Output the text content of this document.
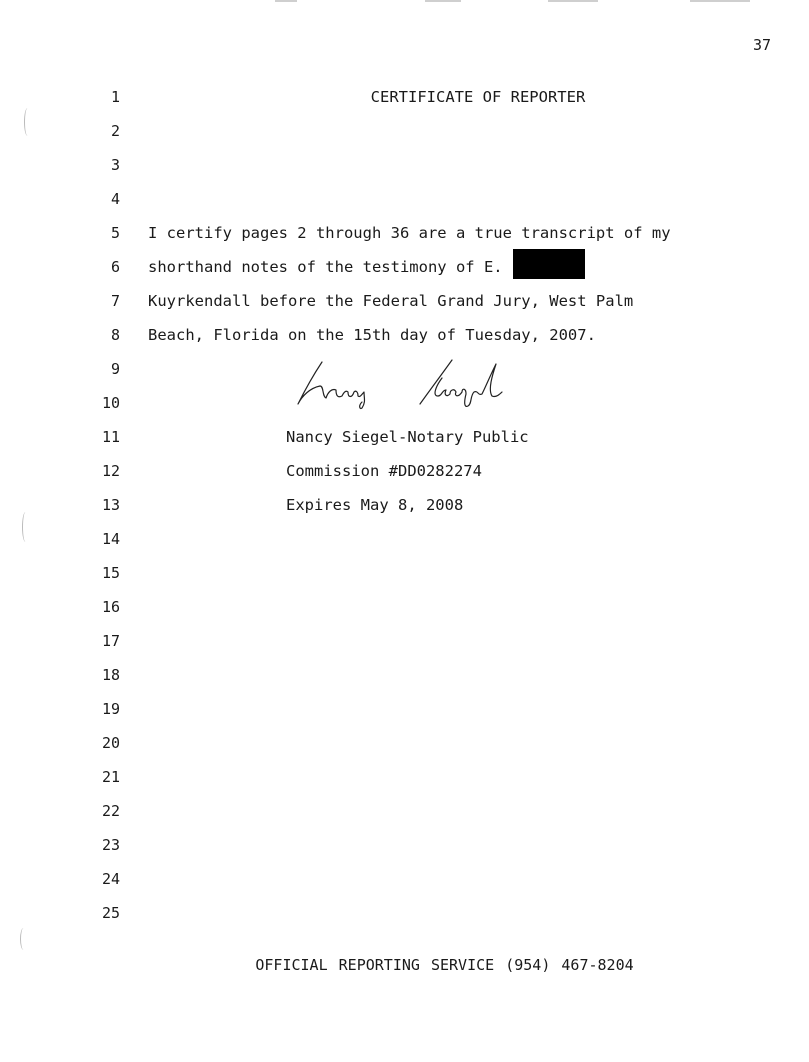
37
1
2
3
4
5
6
7
8
9
10
11
12
13
14
15
16
17
18
19
20
21
22
23
24
25
CERTIFICATE OF REPORTER
I certify pages 2 through 36 are a true transcript of my
shorthand notes of the testimony of E.
Kuyrkendall before the Federal Grand Jury, West Palm
Beach, Florida on the 15th day of Tuesday, 2007.
Nancy Siegel-Notary Public
Commission #DD0282274
Expires May 8, 2008
OFFICIAL REPORTING SERVICE (954) 467-8204
